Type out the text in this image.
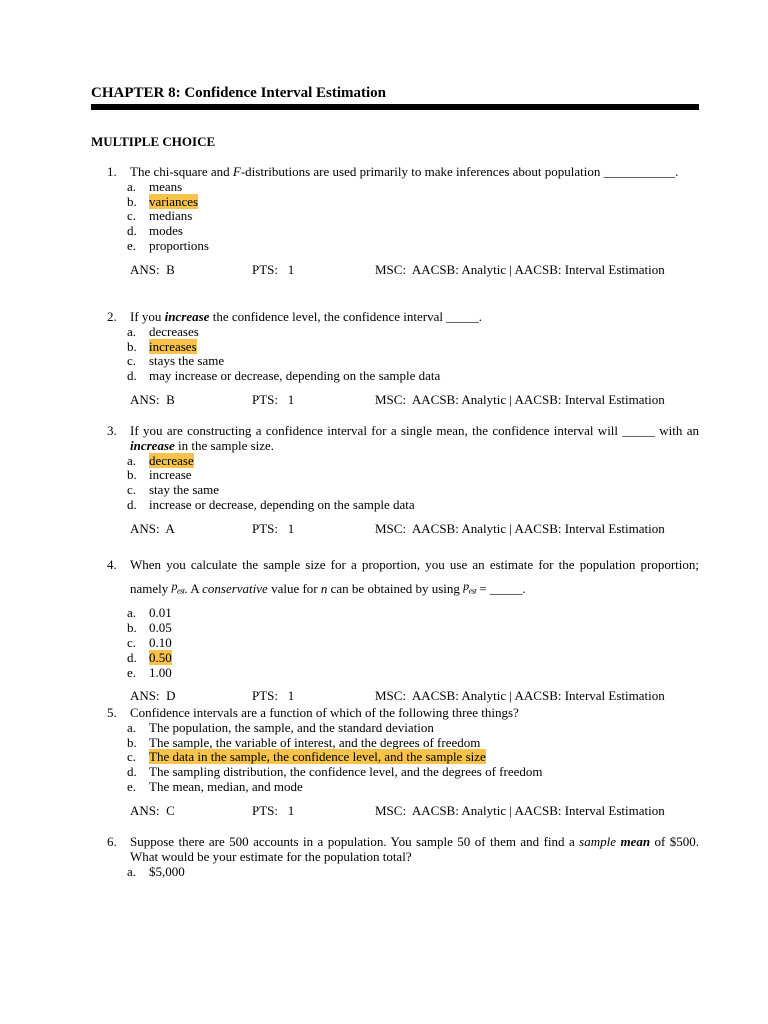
CHAPTER 8: Confidence Interval Estimation
MULTIPLE CHOICE
1. The chi-square and F-distributions are used primarily to make inferences about population ___________.
a. means
b. variances
c. medians
d. modes
e. proportions
ANS: B	PTS: 1	MSC: AACSB: Analytic | AACSB: Interval Estimation
2. If you increase the confidence level, the confidence interval _____.
a. decreases
b. increases
c. stays the same
d. may increase or decrease, depending on the sample data
ANS: B	PTS: 1	MSC: AACSB: Analytic | AACSB: Interval Estimation
3. If you are constructing a confidence interval for a single mean, the confidence interval will _____ with an increase in the sample size.
a. decrease
b. increase
c. stay the same
d. increase or decrease, depending on the sample data
ANS: A	PTS: 1	MSC: AACSB: Analytic | AACSB: Interval Estimation
4. When you calculate the sample size for a proportion, you use an estimate for the population proportion; namely $p_{est}$. A conservative value for n can be obtained by using $p_{est}$ = _____.
a. 0.01
b. 0.05
c. 0.10
d. 0.50
e. 1.00
ANS: D	PTS: 1	MSC: AACSB: Analytic | AACSB: Interval Estimation
5. Confidence intervals are a function of which of the following three things?
a. The population, the sample, and the standard deviation
b. The sample, the variable of interest, and the degrees of freedom
c. The data in the sample, the confidence level, and the sample size
d. The sampling distribution, the confidence level, and the degrees of freedom
e. The mean, median, and mode
ANS: C	PTS: 1	MSC: AACSB: Analytic | AACSB: Interval Estimation
6. Suppose there are 500 accounts in a population. You sample 50 of them and find a sample mean of $500. What would be your estimate for the population total?
a. $5,000
